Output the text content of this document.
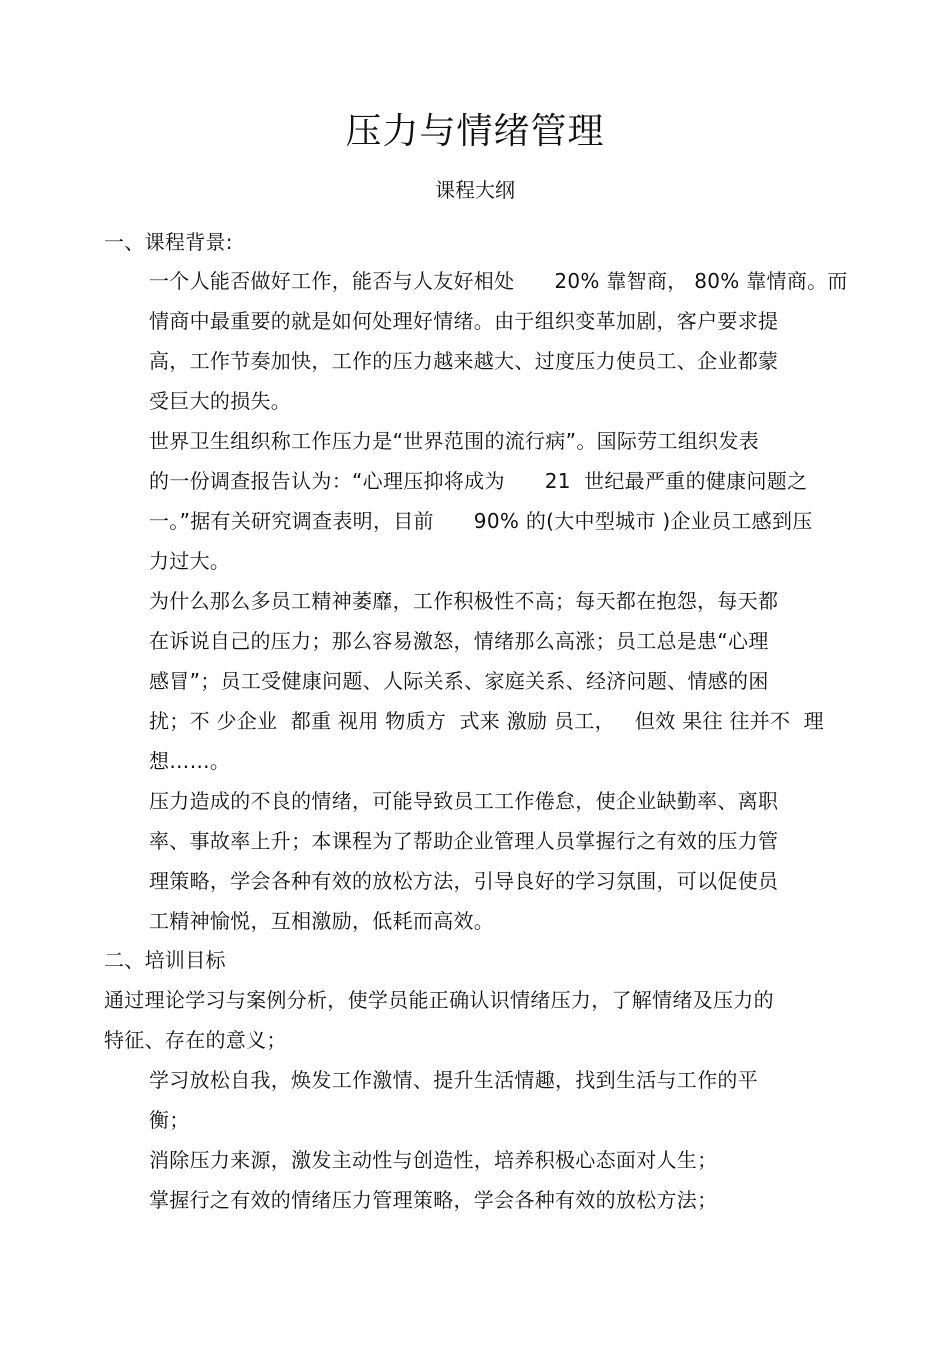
压力与情绪管理
课程大纲
一、课程背景:
一个人能否做好工作，能否与人友好相处      20% 靠智商， 80% 靠情商。而
情商中最重要的就是如何处理好情绪。由于组织变革加剧，客户要求提
高，工作节奏加快，工作的压力越来越大、过度压力使员工、企业都蒙
受巨大的损失。
世界卫生组织称工作压力是“世界范围的流行病”。国际劳工组织发表
的一份调查报告认为：“心理压抑将成为      21  世纪最严重的健康问题之
一。”据有关研究调查表明，目前      90% 的(大中型城市 )企业员工感到压
力过大。
为什么那么多员工精神萎靡，工作积极性不高；每天都在抱怨，每天都
在诉说自己的压力；那么容易激怒，情绪那么高涨；员工总是患“心理
感冒”；员工受健康问题、人际关系、家庭关系、经济问题、情感的困
扰；不 少企业  都重 视用 物质方  式来 激励 员工，   但效 果往 往并不  理
想……。
压力造成的不良的情绪，可能导致员工工作倦怠，使企业缺勤率、离职
率、事故率上升；本课程为了帮助企业管理人员掌握行之有效的压力管
理策略，学会各种有效的放松方法，引导良好的学习氛围，可以促使员
工精神愉悦，互相激励，低耗而高效。
二、培训目标
通过理论学习与案例分析，使学员能正确认识情绪压力，了解情绪及压力的
特征、存在的意义；
学习放松自我，焕发工作激情、提升生活情趣，找到生活与工作的平
衡；
消除压力来源，激发主动性与创造性，培养积极心态面对人生；
掌握行之有效的情绪压力管理策略，学会各种有效的放松方法；
